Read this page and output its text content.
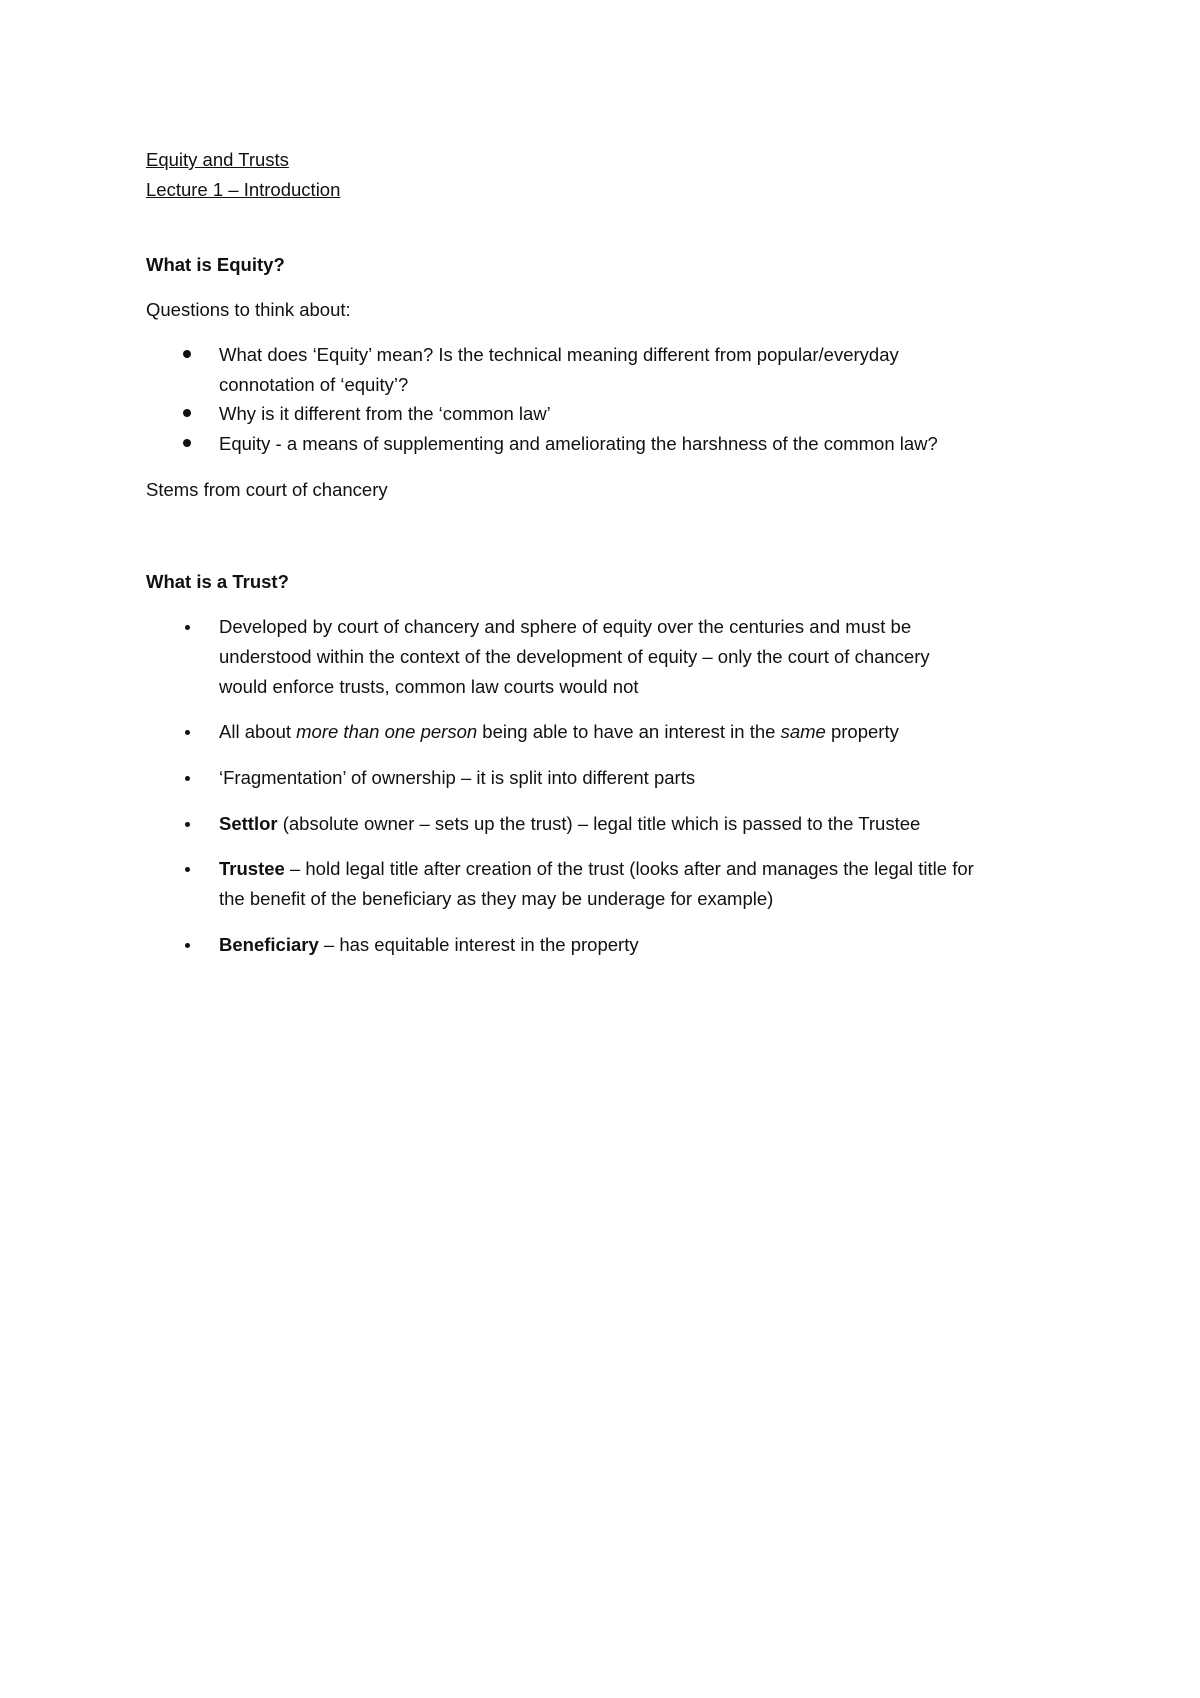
Equity and Trusts
Lecture 1 – Introduction
What is Equity?
Questions to think about:
What does ‘Equity’ mean? Is the technical meaning different from popular/everyday
connotation of ‘equity’?
Why is it different from the ‘common law’
Equity - a means of supplementing and ameliorating the harshness of the common law?
Stems from court of chancery
What is a Trust?
Developed by court of chancery and sphere of equity over the centuries and must be
understood within the context of the development of equity – only the court of chancery
would enforce trusts, common law courts would not
All about more than one person being able to have an interest in the same property
‘Fragmentation’ of ownership – it is split into different parts
Settlor (absolute owner – sets up the trust) – legal title which is passed to the Trustee
Trustee – hold legal title after creation of the trust (looks after and manages the legal title for
the benefit of the beneficiary as they may be underage for example)
Beneficiary – has equitable interest in the property
